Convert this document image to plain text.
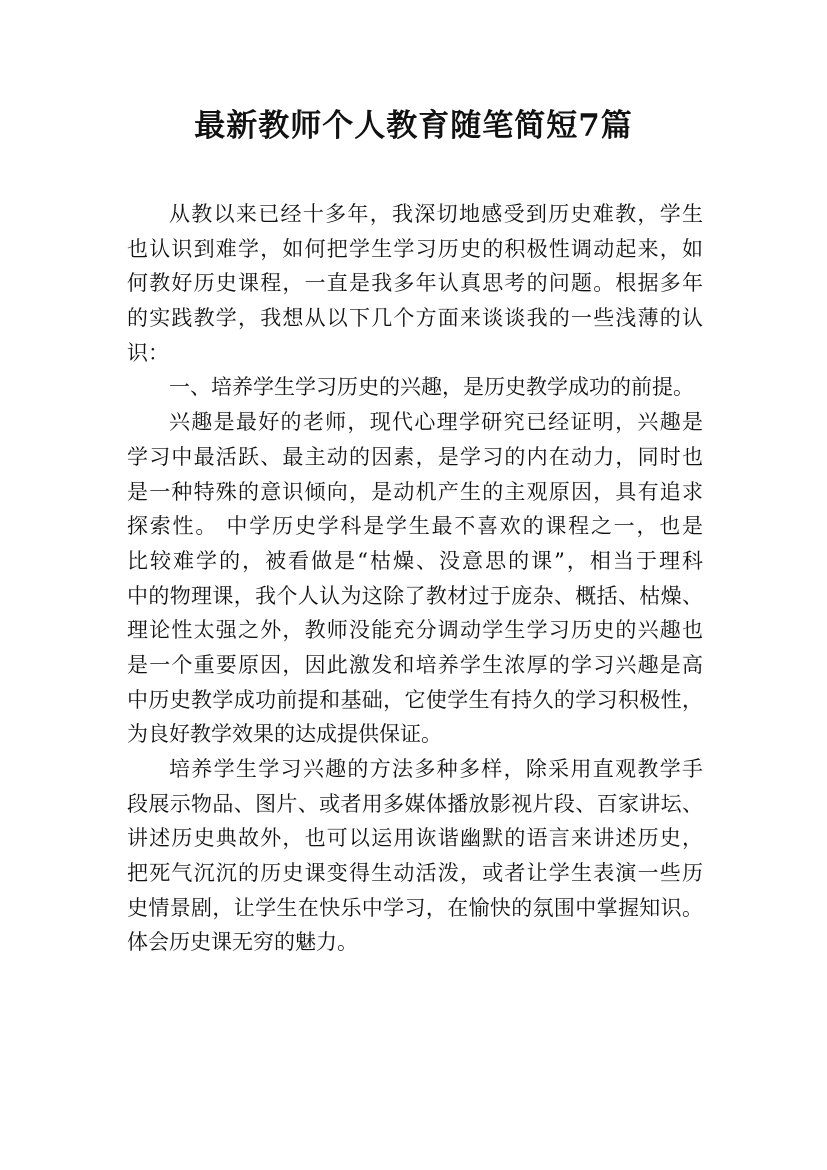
最新教师个人教育随笔简短7篇
从教以来已经十多年，我深切地感受到历史难教，学生
也认识到难学，如何把学生学习历史的积极性调动起来，如
何教好历史课程，一直是我多年认真思考的问题。根据多年
的实践教学，我想从以下几个方面来谈谈我的一些浅薄的认
识：
一、培养学生学习历史的兴趣，是历史教学成功的前提。
兴趣是最好的老师，现代心理学研究已经证明，兴趣是
学习中最活跃、最主动的因素，是学习的内在动力，同时也
是一种特殊的意识倾向，是动机产生的主观原因，具有追求
探索性。 中学历史学科是学生最不喜欢的课程之一，也是
比较难学的，被看做是“枯燥、没意思的课”，相当于理科
中的物理课，我个人认为这除了教材过于庞杂、概括、枯燥、
理论性太强之外，教师没能充分调动学生学习历史的兴趣也
是一个重要原因，因此激发和培养学生浓厚的学习兴趣是高
中历史教学成功前提和基础，它使学生有持久的学习积极性，
为良好教学效果的达成提供保证。
培养学生学习兴趣的方法多种多样，除采用直观教学手
段展示物品、图片、或者用多媒体播放影视片段、百家讲坛、
讲述历史典故外，也可以运用诙谐幽默的语言来讲述历史，
把死气沉沉的历史课变得生动活泼，或者让学生表演一些历
史情景剧，让学生在快乐中学习，在愉快的氛围中掌握知识。
体会历史课无穷的魅力。
